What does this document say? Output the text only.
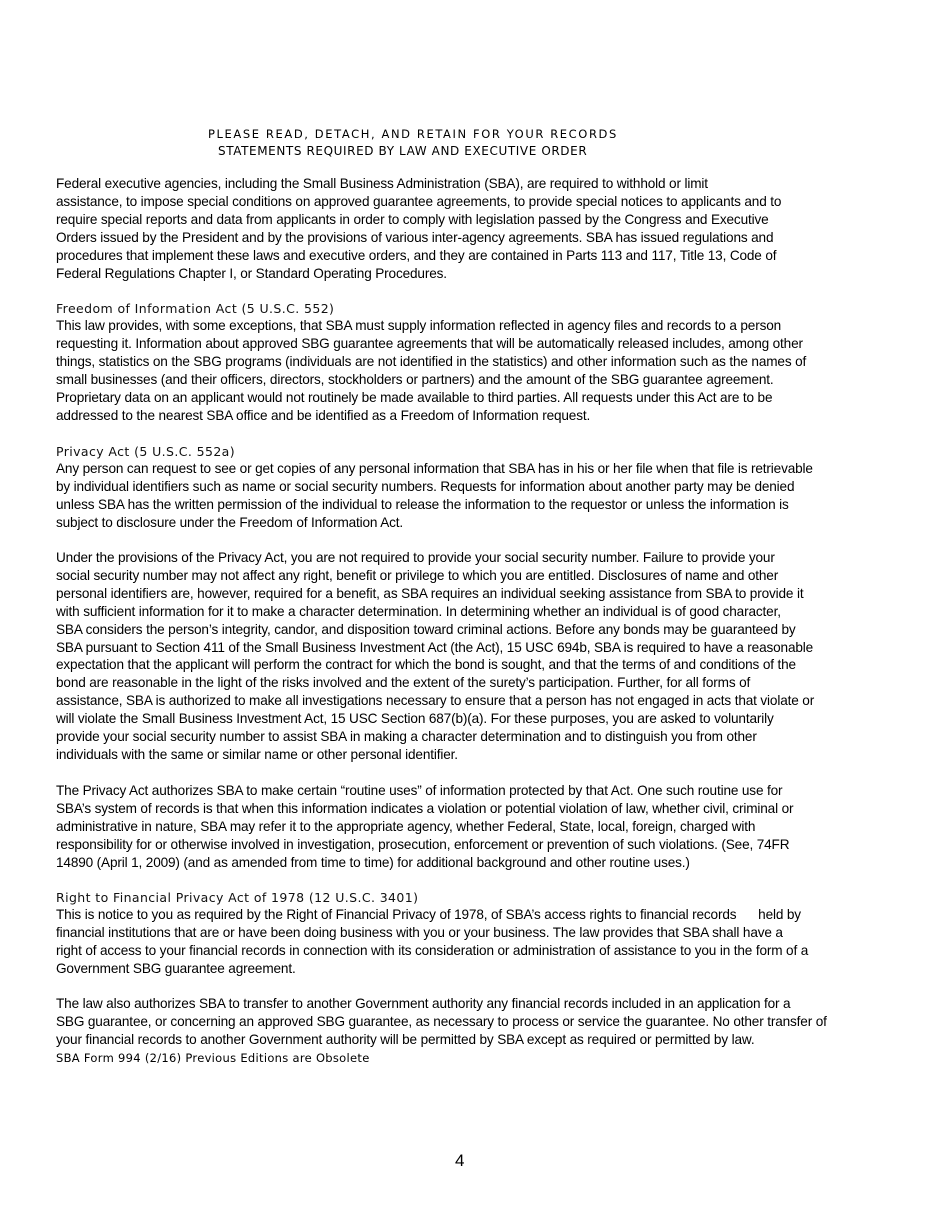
PLEASE READ, DETACH, AND RETAIN FOR YOUR RECORDS
STATEMENTS REQUIRED BY LAW AND EXECUTIVE ORDER
Federal executive agencies, including the Small Business Administration (SBA), are required to withhold or limit
assistance, to impose special conditions on approved guarantee agreements, to provide special notices to applicants and to
require special reports and data from applicants in order to comply with legislation passed by the Congress and Executive
Orders issued by the President and by the provisions of various inter-agency agreements. SBA has issued regulations and
procedures that implement these laws and executive orders, and they are contained in Parts 113 and 117, Title 13, Code of
Federal Regulations Chapter I, or Standard Operating Procedures.
Freedom of Information Act (5 U.S.C. 552)
This law provides, with some exceptions, that SBA must supply information reflected in agency files and records to a person
requesting it. Information about approved SBG guarantee agreements that will be automatically released includes, among other
things, statistics on the SBG programs (individuals are not identified in the statistics) and other information such as the names of
small businesses (and their officers, directors, stockholders or partners) and the amount of the SBG guarantee agreement.
Proprietary data on an applicant would not routinely be made available to third parties. All requests under this Act are to be
addressed to the nearest SBA office and be identified as a Freedom of Information request.
Privacy Act (5 U.S.C. 552a)
Any person can request to see or get copies of any personal information that SBA has in his or her file when that file is retrievable
by individual identifiers such as name or social security numbers. Requests for information about another party may be denied
unless SBA has the written permission of the individual to release the information to the requestor or unless the information is
subject to disclosure under the Freedom of Information Act.
Under the provisions of the Privacy Act, you are not required to provide your social security number. Failure to provide your
social security number may not affect any right, benefit or privilege to which you are entitled. Disclosures of name and other
personal identifiers are, however, required for a benefit, as SBA requires an individual seeking assistance from SBA to provide it
with sufficient information for it to make a character determination. In determining whether an individual is of good character,
SBA considers the person’s integrity, candor, and disposition toward criminal actions. Before any bonds may be guaranteed by
SBA pursuant to Section 411 of the Small Business Investment Act (the Act), 15 USC 694b, SBA is required to have a reasonable
expectation that the applicant will perform the contract for which the bond is sought, and that the terms of and conditions of the
bond are reasonable in the light of the risks involved and the extent of the surety’s participation. Further, for all forms of
assistance, SBA is authorized to make all investigations necessary to ensure that a person has not engaged in acts that violate or
will violate the Small Business Investment Act, 15 USC Section 687(b)(a). For these purposes, you are asked to voluntarily
provide your social security number to assist SBA in making a character determination and to distinguish you from other
individuals with the same or similar name or other personal identifier.
The Privacy Act authorizes SBA to make certain “routine uses” of information protected by that Act. One such routine use for
SBA’s system of records is that when this information indicates a violation or potential violation of law, whether civil, criminal or
administrative in nature, SBA may refer it to the appropriate agency, whether Federal, State, local, foreign, charged with
responsibility for or otherwise involved in investigation, prosecution, enforcement or prevention of such violations. (See, 74FR
14890 (April 1, 2009) (and as amended from time to time) for additional background and other routine uses.)
Right to Financial Privacy Act of 1978 (12 U.S.C. 3401)
This is notice to you as required by the Right of Financial Privacy of 1978, of SBA’s access rights to financial records      held by
financial institutions that are or have been doing business with you or your business. The law provides that SBA shall have a
right of access to your financial records in connection with its consideration or administration of assistance to you in the form of a
Government SBG guarantee agreement.
The law also authorizes SBA to transfer to another Government authority any financial records included in an application for a
SBG guarantee, or concerning an approved SBG guarantee, as necessary to process or service the guarantee. No other transfer of
your financial records to another Government authority will be permitted by SBA except as required or permitted by law.
SBA Form 994 (2/16) Previous Editions are Obsolete
4
